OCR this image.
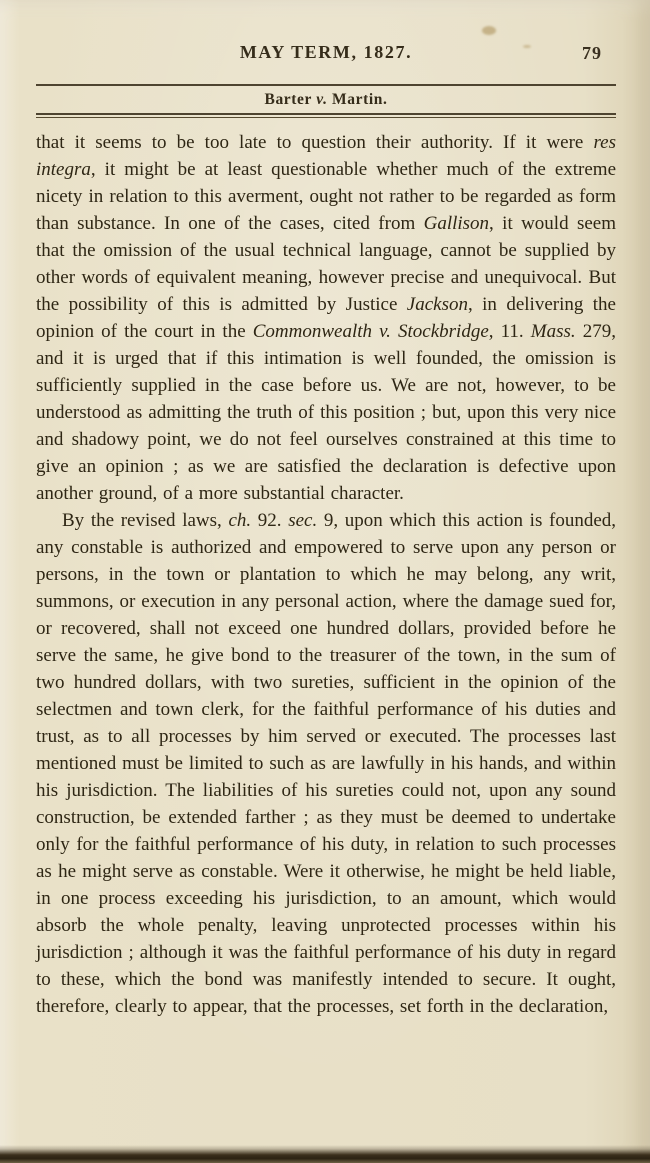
MAY TERM, 1827.	79
Barter v. Martin.

that it seems to be too late to question their authority. If it were res integra, it might be at least questionable whether much of the extreme nicety in relation to this averment, ought not rather to be regarded as form than substance. In one of the cases, cited from Gallison, it would seem that the omission of the usual technical language, cannot be supplied by other words of equivalent meaning, however precise and unequivocal. But the possibility of this is admitted by Justice Jackson, in delivering the opinion of the court in the Commonwealth v. Stockbridge, 11. Mass. 279, and it is urged that if this intimation is well founded, the omission is sufficiently supplied in the case before us. We are not, however, to be understood as admitting the truth of this position ; but, upon this very nice and shadowy point, we do not feel ourselves constrained at this time to give an opinion ; as we are satisfied the declaration is defective upon another ground, of a more substantial character.

By the revised laws, ch. 92. sec. 9, upon which this action is founded, any constable is authorized and empowered to serve upon any person or persons, in the town or plantation to which he may belong, any writ, summons, or execution in any personal action, where the damage sued for, or recovered, shall not exceed one hundred dollars, provided before he serve the same, he give bond to the treasurer of the town, in the sum of two hundred dollars, with two sureties, sufficient in the opinion of the selectmen and town clerk, for the faithful performance of his duties and trust, as to all processes by him served or executed. The processes last mentioned must be limited to such as are lawfully in his hands, and within his jurisdiction. The liabilities of his sureties could not, upon any sound construction, be extended farther ; as they must be deemed to undertake only for the faithful performance of his duty, in relation to such processes as he might serve as constable. Were it otherwise, he might be held liable, in one process exceeding his jurisdiction, to an amount, which would absorb the whole penalty, leaving unprotected processes within his jurisdiction ; although it was the faithful performance of his duty in regard to these, which the bond was manifestly intended to secure. It ought, therefore, clearly to appear, that the processes, set forth in the declaration,
